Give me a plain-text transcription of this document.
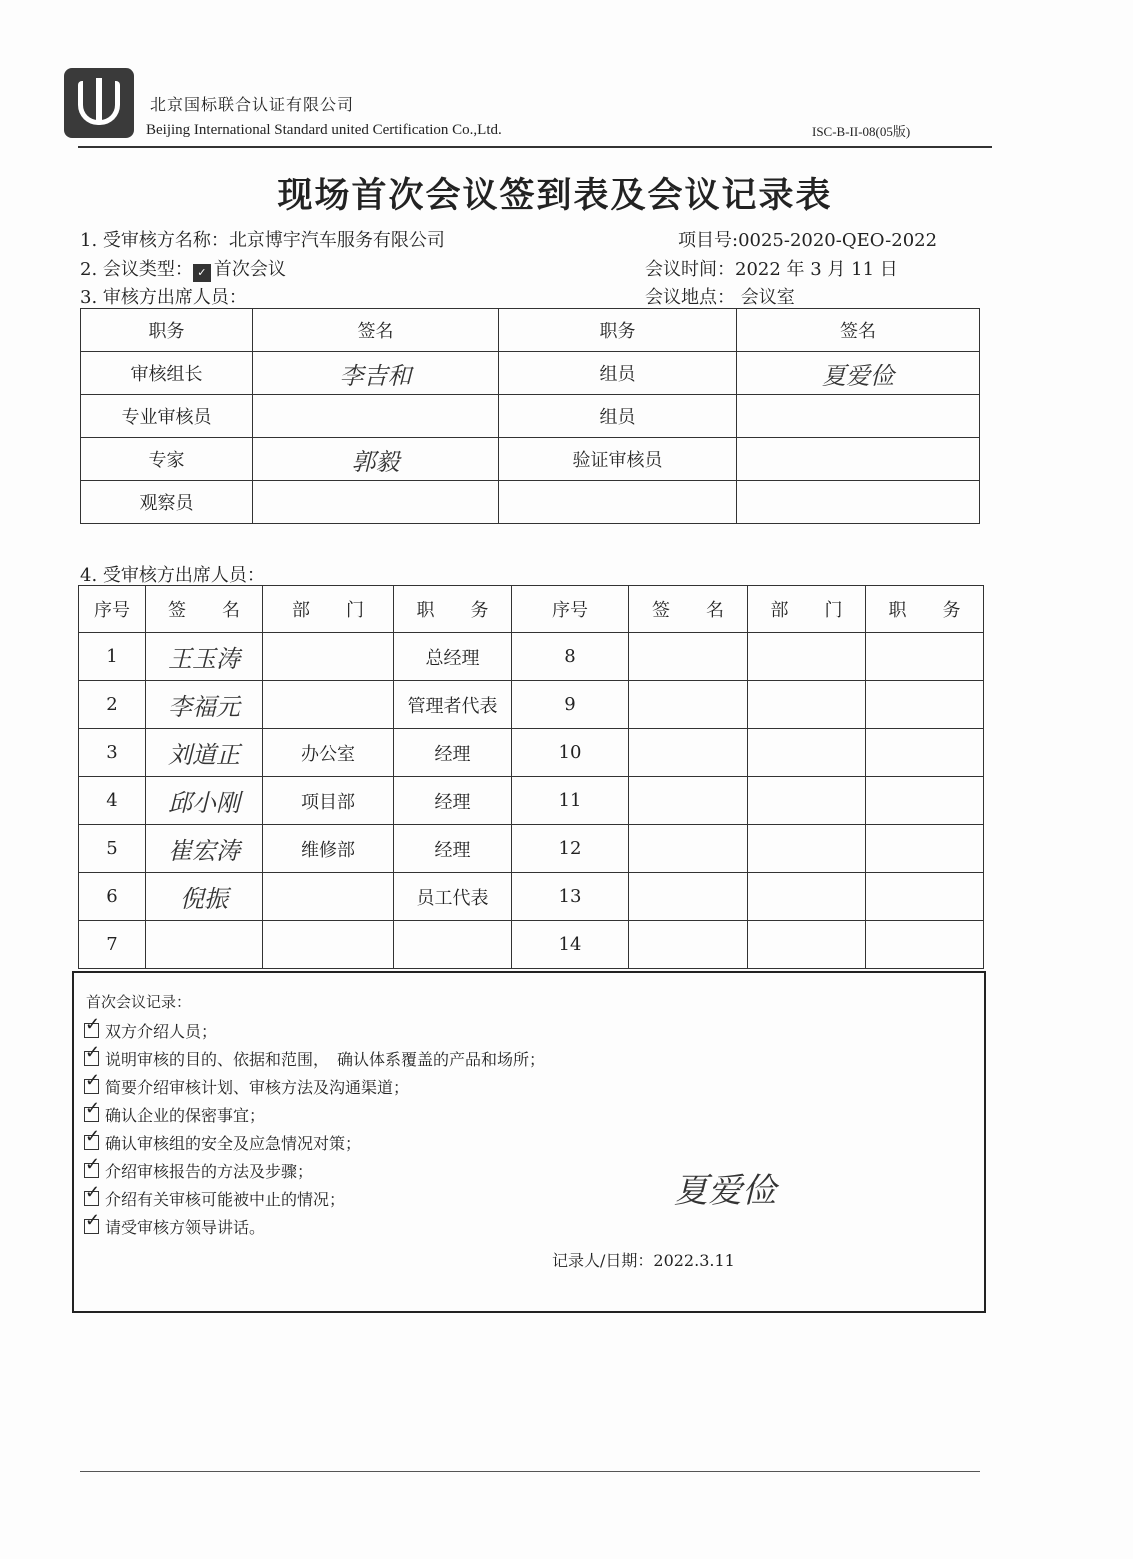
北京国标联合认证有限公司
Beijing International Standard united Certification Co.,Ltd.	ISC-B-II-08(05版)
现场首次会议签到表及会议记录表
1. 受审核方名称：北京博宇汽车服务有限公司	项目号:0025-2020-QEO-2022
2. 会议类型： ✓ 首次会议	会议时间：2022 年 3 月 11 日
3. 审核方出席人员：	会议地点： 会议室
职务	签名	职务	签名
审核组长	李吉和	组员	夏爱俭
专业审核员		组员	
专家	郭毅	验证审核员	
观察员			
4. 受审核方出席人员：
序号	签　　名	部　　门	职　　务	序号	签　　名	部　　门	职　　务
1	王玉涛		总经理	8			
2	李福元		管理者代表	9			
3	刘道正	办公室	经理	10			
4	邱小刚	项目部	经理	11			
5	崔宏涛	维修部	经理	12			
6	倪振		员工代表	13			
7				14			
首次会议记录：
✓双方介绍人员；
✓说明审核的目的、依据和范围，　确认体系覆盖的产品和场所；
✓简要介绍审核计划、审核方法及沟通渠道；
✓确认企业的保密事宜；
✓确认审核组的安全及应急情况对策；
✓介绍审核报告的方法及步骤；
✓介绍有关审核可能被中止的情况；
✓请受审核方领导讲话。
夏爱俭
记录人/日期：2022.3.11
